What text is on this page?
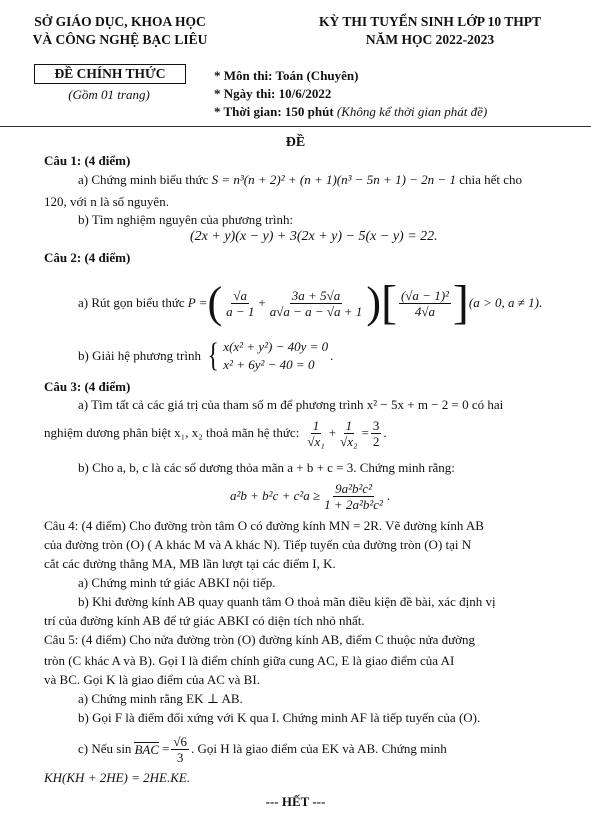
SỞ GIÁO DỤC, KHOA HỌC
VÀ CÔNG NGHỆ BẠC LIÊU
KỲ THI TUYỂN SINH LỚP 10 THPT
NĂM HỌC 2022-2023
ĐỀ CHÍNH THỨC
(Gồm 01 trang)
* Môn thi: Toán (Chuyên)
* Ngày thi: 10/6/2022
* Thời gian: 150 phút (Không kể thời gian phát đề)
ĐỀ
Câu 1: (4 điểm)
a) Chứng minh biểu thức S = n³(n + 2)² + (n + 1)(n³ − 5n + 1) − 2n − 1 chia hết cho
120, với n là số nguyên.
b) Tìm nghiệm nguyên của phương trình:
(2x + y)(x − y) + 3(2x + y) − 5(x − y) = 22.
Câu 2: (4 điểm)
a) Rút gọn biểu thức P = ( $\frac{√a}{a - 1} + \frac{3a + 5√a}{a√a - a - √a + 1}$ ) [ $\frac{\text{(√a − 1)²}}{4√a}$ ] (a > 0, a ≠ 1).
b) Giải hệ phương trình { x(x² + y²) − 40y = 0
x² + 6y² − 40 = 0
.
Câu 3: (4 điểm)
a) Tìm tất cả các giá trị của tham số m để phương trình x² − 5x + m − 2 = 0 có hai
nghiệm dương phân biệt x₁, x₂ thoả mãn hệ thức: $\frac{1}{\text{√x₁}} + \frac{1}{\text{√x₂}} = \frac{3}{2}$ .
b) Cho a, b, c là các số dương thỏa mãn a + b + c = 3. Chứng minh rằng:
$a^2b + b^2c + c^2a \ge \frac{\text{9a²b²c²}}{\text{1 + 2a²b²c²}}$ .
Câu 4: (4 điểm) Cho đường tròn tâm O có đường kính MN = 2R. Vẽ đường kính AB
của đường tròn (O) ( A khác M và A khác N). Tiếp tuyến của đường tròn (O) tại N
cắt các đường thẳng MA, MB lần lượt tại các điểm I, K.
a) Chứng minh tứ giác ABKI nội tiếp.
b) Khi đường kính AB quay quanh tâm O thoả mãn điều kiện đề bài, xác định vị
trí của đường kính AB để tứ giác ABKI có diện tích nhỏ nhất.
Câu 5: (4 điểm) Cho nửa đường tròn (O) đường kính AB, điểm C thuộc nửa đường
tròn (C khác A và B). Gọi I là điểm chính giữa cung AC, E là giao điểm của AI
và BC. Gọi K là giao điểm của AC và BI.
a) Chứng minh rằng EK ⊥ AB.
b) Gọi F là điểm đối xứng với K qua I. Chứng minh AF là tiếp tuyến của (O).
c) Nếu sin BAC = $\frac{√6}{3}$ . Gọi H là giao điểm của EK và AB. Chứng minh
KH(KH + 2HE) = 2HE.KE.
--- HẾT ---
